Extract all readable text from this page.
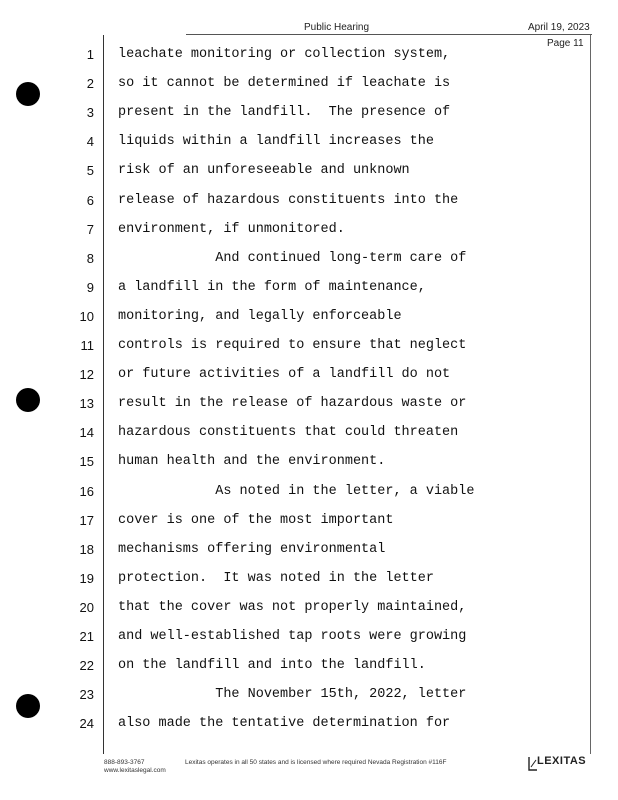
Public Hearing	April 19, 2023
Page 11
1 leachate monitoring or collection system,
2 so it cannot be determined if leachate is
3 present in the landfill.  The presence of
4 liquids within a landfill increases the
5 risk of an unforeseeable and unknown
6 release of hazardous constituents into the
7 environment, if unmonitored.
8 And continued long-term care of
9 a landfill in the form of maintenance,
10 monitoring, and legally enforceable
11 controls is required to ensure that neglect
12 or future activities of a landfill do not
13 result in the release of hazardous waste or
14 hazardous constituents that could threaten
15 human health and the environment.
16 As noted in the letter, a viable
17 cover is one of the most important
18 mechanisms offering environmental
19 protection.  It was noted in the letter
20 that the cover was not properly maintained,
21 and well-established tap roots were growing
22 on the landfill and into the landfill.
23 The November 15th, 2022, letter
24 also made the tentative determination for
888-893-3767
www.lexitaslegal.com
Lexitas operates in all 50 states and is licensed where required Nevada Registration #116F	LEXITAS
